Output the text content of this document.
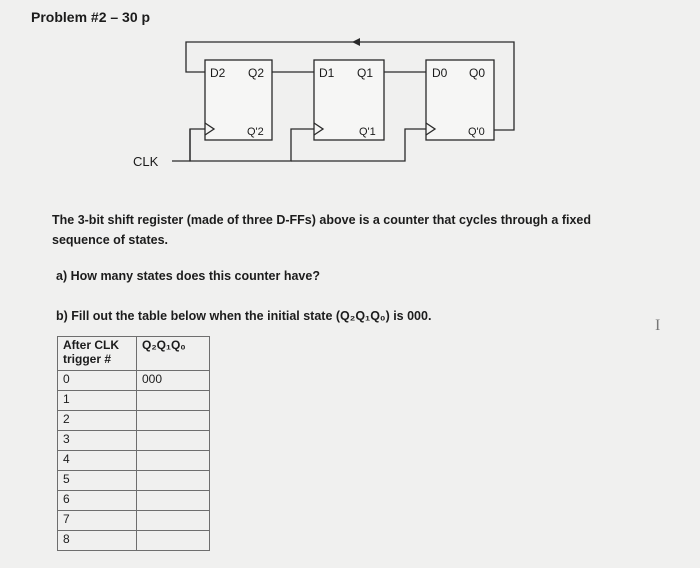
Problem #2 – 30 p
D2 Q2
Q'2
D1 Q1
Q'1
D0 Q0
Q'0
CLK
The 3-bit shift register (made of three D-FFs) above is a counter that cycles through a fixed
sequence of states.
a) How many states does this counter have?
b) Fill out the table below when the initial state (Q₂Q₁Q₀) is 000.
After CLK
trigger #	Q₂Q₁Q₀
0	000
1	
2	
3	
4	
5	
6	
7	
8	
I
